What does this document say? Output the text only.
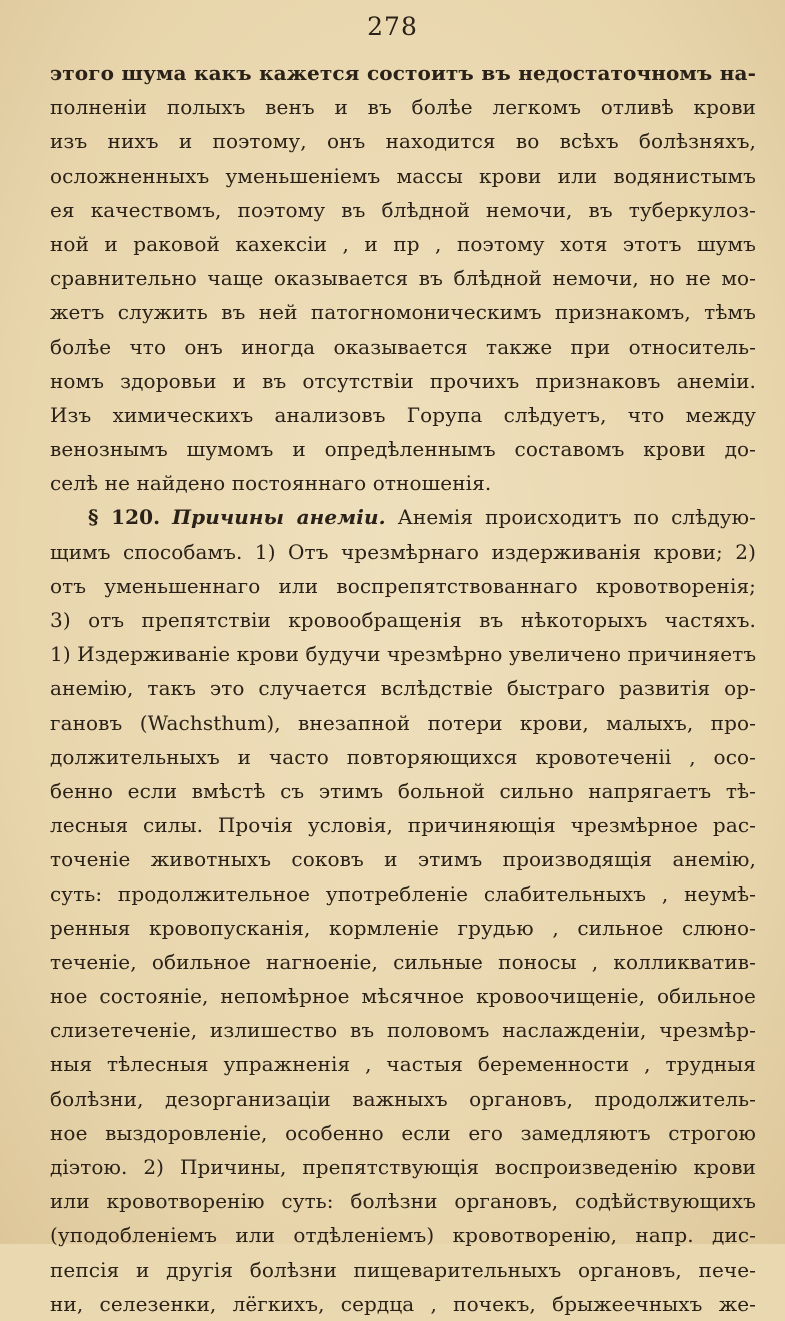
278
этого шума какъ кажется состоитъ въ недостаточномъ на-
полненіи полыхъ венъ и въ болѣе легкомъ отливѣ крови
изъ нихъ и поэтому, онъ находится во всѣхъ болѣзняхъ,
осложненныхъ уменьшеніемъ массы крови или водянистымъ
ея качествомъ, поэтому въ блѣдной немочи, въ туберкулоз-
ной и раковой кахексіи , и пр , поэтому хотя этотъ шумъ
сравнительно чаще оказывается въ блѣдной немочи, но не мо-
жетъ служить въ ней патогномоническимъ признакомъ, тѣмъ
болѣе что онъ иногда оказывается также при относитель-
номъ здоровьи и въ отсутствіи прочихъ признаковъ анеміи.
Изъ химическихъ анализовъ Горупа слѣдуетъ, что между
венознымъ шумомъ и опредѣленнымъ составомъ крови до-
селѣ не найдено постояннаго отношенія.
§ 120. Причины анеміи. Анемія происходитъ по слѣдую-
щимъ способамъ. 1) Отъ чрезмѣрнаго издерживанія крови; 2)
отъ уменьшеннаго или воспрепятствованнаго кровотворенія;
3) отъ препятствіи кровообращенія въ нѣкоторыхъ частяхъ.
1) Издерживаніе крови будучи чрезмѣрно увеличено причиняетъ
анемію, такъ это случается вслѣдствіе быстраго развитія ор-
гановъ (Wachsthum), внезапной потери крови, малыхъ, про-
должительныхъ и часто повторяющихся кровотеченіі , осо-
бенно если вмѣстѣ съ этимъ больной сильно напрягаетъ тѣ-
лесныя силы. Прочія условія, причиняющія чрезмѣрное рас-
точеніе животныхъ соковъ и этимъ производящія анемію,
суть: продолжительное употребленіе слабительныхъ , неумѣ-
ренныя кровопусканія, кормленіе грудью , сильное слюно-
теченіе, обильное нагноеніе, сильные поносы , колликватив-
ное состояніе, непомѣрное мѣсячное кровоочищеніе, обильное
слизетеченіе, излишество въ половомъ наслажденіи, чрезмѣр-
ныя тѣлесныя упражненія , частыя беременности , трудныя
болѣзни, дезорганизаціи важныхъ органовъ, продолжитель-
ное выздоровленіе, особенно если его замедляютъ строгою
діэтою. 2) Причины, препятствующія воспроизведенію крови
или кровотворенію суть: болѣзни органовъ, содѣйствующихъ
(уподобленіемъ или отдѣленіемъ) кровотворенію, напр. дис-
пепсія и другія болѣзни пищеварительныхъ органовъ, пече-
ни, селезенки, лёгкихъ, сердца , почекъ, брыжеечныхъ же-
